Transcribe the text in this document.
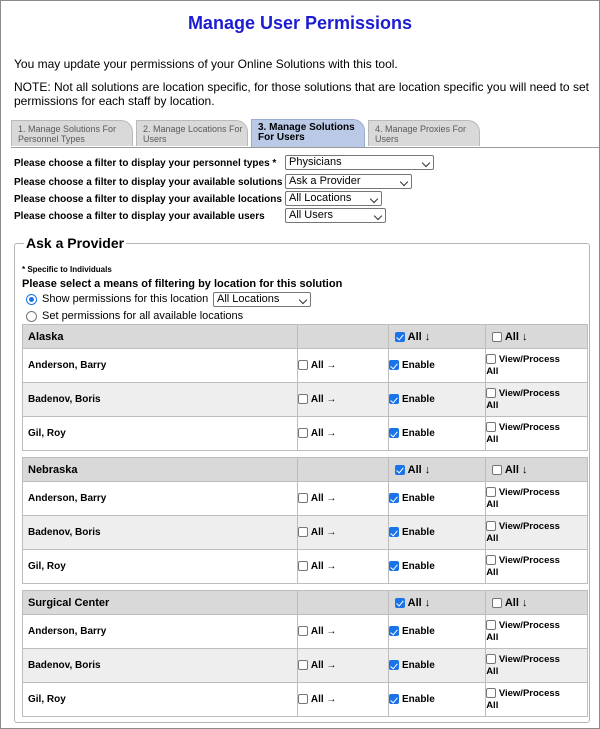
Manage User Permissions
You may update your permissions of your Online Solutions with this tool.
NOTE: Not all solutions are location specific, for those solutions that are location specific you will need to set permissions for each staff by location.
1. Manage Solutions For Personnel Types
2. Manage Locations For Users
3. Manage Solutions For Users
4. Manage Proxies For Users
Please choose a filter to display your personnel types *	Physicians
Please choose a filter to display your available solutions Ask a Provider
Please choose a filter to display your available locations All Locations
Please choose a filter to display your available users	All Users
Ask a Provider
* Specific to Individuals
Please select a means of filtering by location for this solution
Show permissions for this location All Locations
Set permissions for all available locations
Alaska		All ↓	All ↓
Anderson, Barry	All →	Enable	View/Process
All
Badenov, Boris	All →	Enable	View/Process
All
Gil, Roy	All →	Enable	View/Process
All
Nebraska		All ↓	All ↓
Anderson, Barry	All →	Enable	View/Process
All
Badenov, Boris	All →	Enable	View/Process
All
Gil, Roy	All →	Enable	View/Process
All
Surgical Center		All ↓	All ↓
Anderson, Barry	All →	Enable	View/Process
All
Badenov, Boris	All →	Enable	View/Process
All
Gil, Roy	All →	Enable	View/Process
All
